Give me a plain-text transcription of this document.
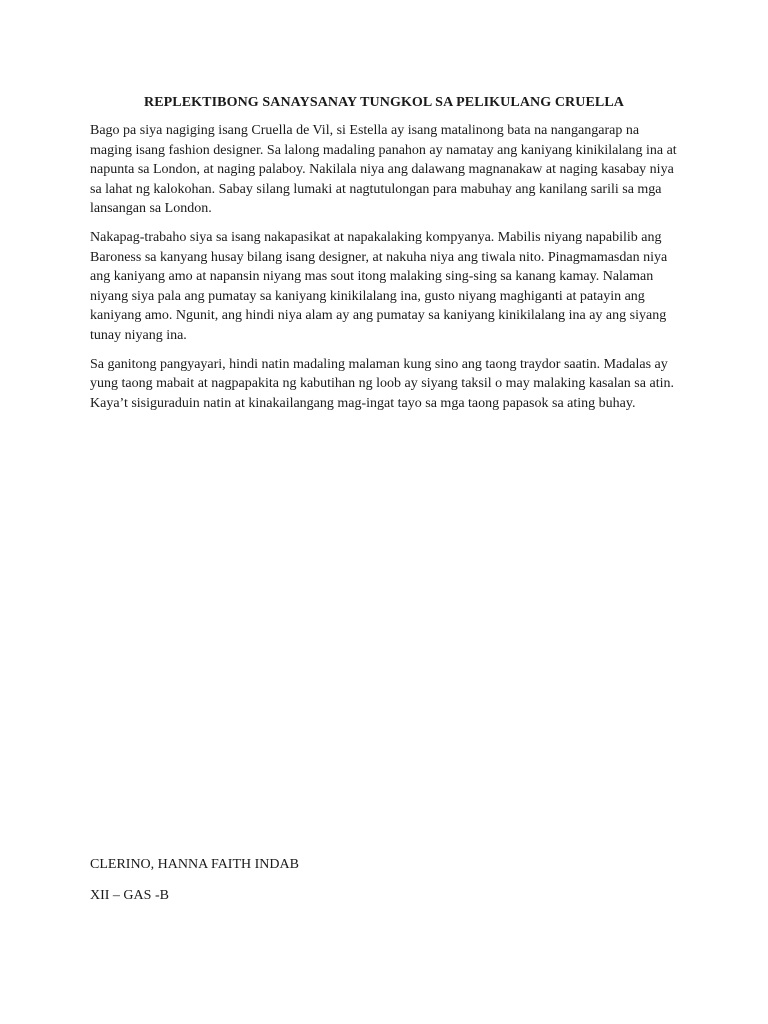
REPLEKTIBONG SANAYSANAY TUNGKOL SA PELIKULANG CRUELLA

Bago pa siya nagiging isang Cruella de Vil, si Estella ay isang matalinong bata na nangangarap na maging isang fashion designer. Sa lalong madaling panahon ay namatay ang kaniyang kinikilalang ina at napunta sa London, at naging palaboy. Nakilala niya ang dalawang magnanakaw at naging kasabay niya sa lahat ng kalokohan. Sabay silang lumaki at nagtutulongan para mabuhay ang kanilang sarili sa mga lansangan sa London.

Nakapag-trabaho siya sa isang nakapasikat at napakalaking kompyanya. Mabilis niyang napabilib ang Baroness sa kanyang husay bilang isang designer, at nakuha niya ang tiwala nito. Pinagmamasdan niya ang kaniyang amo at napansin niyang mas sout itong malaking sing-sing sa kanang kamay. Nalaman niyang siya pala ang pumatay sa kaniyang kinikilalang ina, gusto niyang maghiganti at patayin ang kaniyang amo. Ngunit, ang hindi niya alam ay ang pumatay sa kaniyang kinikilalang ina ay ang siyang tunay niyang ina.

Sa ganitong pangyayari, hindi natin madaling malaman kung sino ang taong traydor saatin. Madalas ay yung taong mabait at nagpapakita ng kabutihan ng loob ay siyang taksil o may malaking kasalan sa atin. Kaya’t sisiguraduin natin at kinakailangang mag-ingat tayo sa mga taong papasok sa ating buhay.

CLERINO, HANNA FAITH INDAB

XII – GAS -B
